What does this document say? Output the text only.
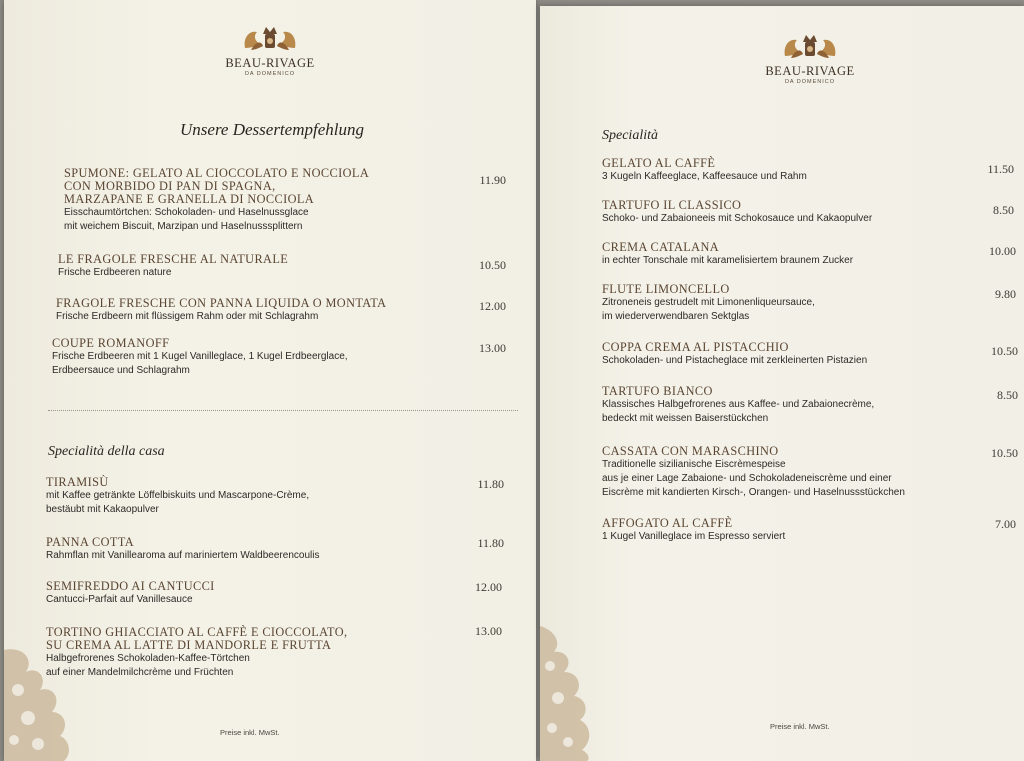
BEAU-RIVAGE
DA DOMENICO
Unsere Dessertempfehlung
SPUMONE: GELATO AL CIOCCOLATO E NOCCIOLA
CON MORBIDO DI PAN DI SPAGNA,
MARZAPANE E GRANELLA DI NOCCIOLA
Eisschaumtörtchen: Schokoladen- und Haselnussglace
mit weichem Biscuit, Marzipan und Haselnusssplittern
11.90
LE FRAGOLE FRESCHE AL NATURALE
Frische Erdbeeren nature
10.50
FRAGOLE FRESCHE CON PANNA LIQUIDA O MONTATA
Frische Erdbeern mit flüssigem Rahm oder mit Schlagrahm
12.00
COUPE ROMANOFF
Frische Erdbeeren mit 1 Kugel Vanilleglace, 1 Kugel Erdbeerglace,
Erdbeersauce und Schlagrahm
13.00
Specialità della casa
TIRAMISÙ
mit Kaffee getränkte Löffelbiskuits und Mascarpone-Crème,
bestäubt mit Kakaopulver
11.80
PANNA COTTA
Rahmflan mit Vanillearoma auf mariniertem Waldbeerencoulis
11.80
SEMIFREDDO AI CANTUCCI
Cantucci-Parfait auf Vanillesauce
12.00
TORTINO GHIACCIATO AL CAFFÈ E CIOCCOLATO,
SU CREMA AL LATTE DI MANDORLE E FRUTTA
Halbgefrorenes Schokoladen-Kaffee-Törtchen
auf einer Mandelmilchcrème und Früchten
13.00
Preise inkl. MwSt.
BEAU-RIVAGE
DA DOMENICO
Specialità
GELATO AL CAFFÈ
3 Kugeln Kaffeeglace, Kaffeesauce und Rahm
11.50
TARTUFO IL CLASSICO
Schoko- und Zabaioneeis mit Schokosauce und Kakaopulver
8.50
CREMA CATALANA
in echter Tonschale mit karamelisiertem braunem Zucker
10.00
FLUTE LIMONCELLO
Zitroneneis gestrudelt mit Limonenliqueursauce,
im wiederverwendbaren Sektglas
9.80
COPPA CREMA AL PISTACCHIO
Schokoladen- und Pistacheglace mit zerkleinerten Pistazien
10.50
TARTUFO BIANCO
Klassisches Halbgefrorenes aus Kaffee- und Zabaionecrème,
bedeckt mit weissen Baiserstückchen
8.50
CASSATA CON MARASCHINO
Traditionelle sizilianische Eiscrèmespeise
aus je einer Lage Zabaione- und Schokoladeneiscrème und einer
Eiscrème mit kandierten Kirsch-, Orangen- und Haselnussstückchen
10.50
AFFOGATO AL CAFFÈ
1 Kugel Vanilleglace im Espresso serviert
7.00
Preise inkl. MwSt.
